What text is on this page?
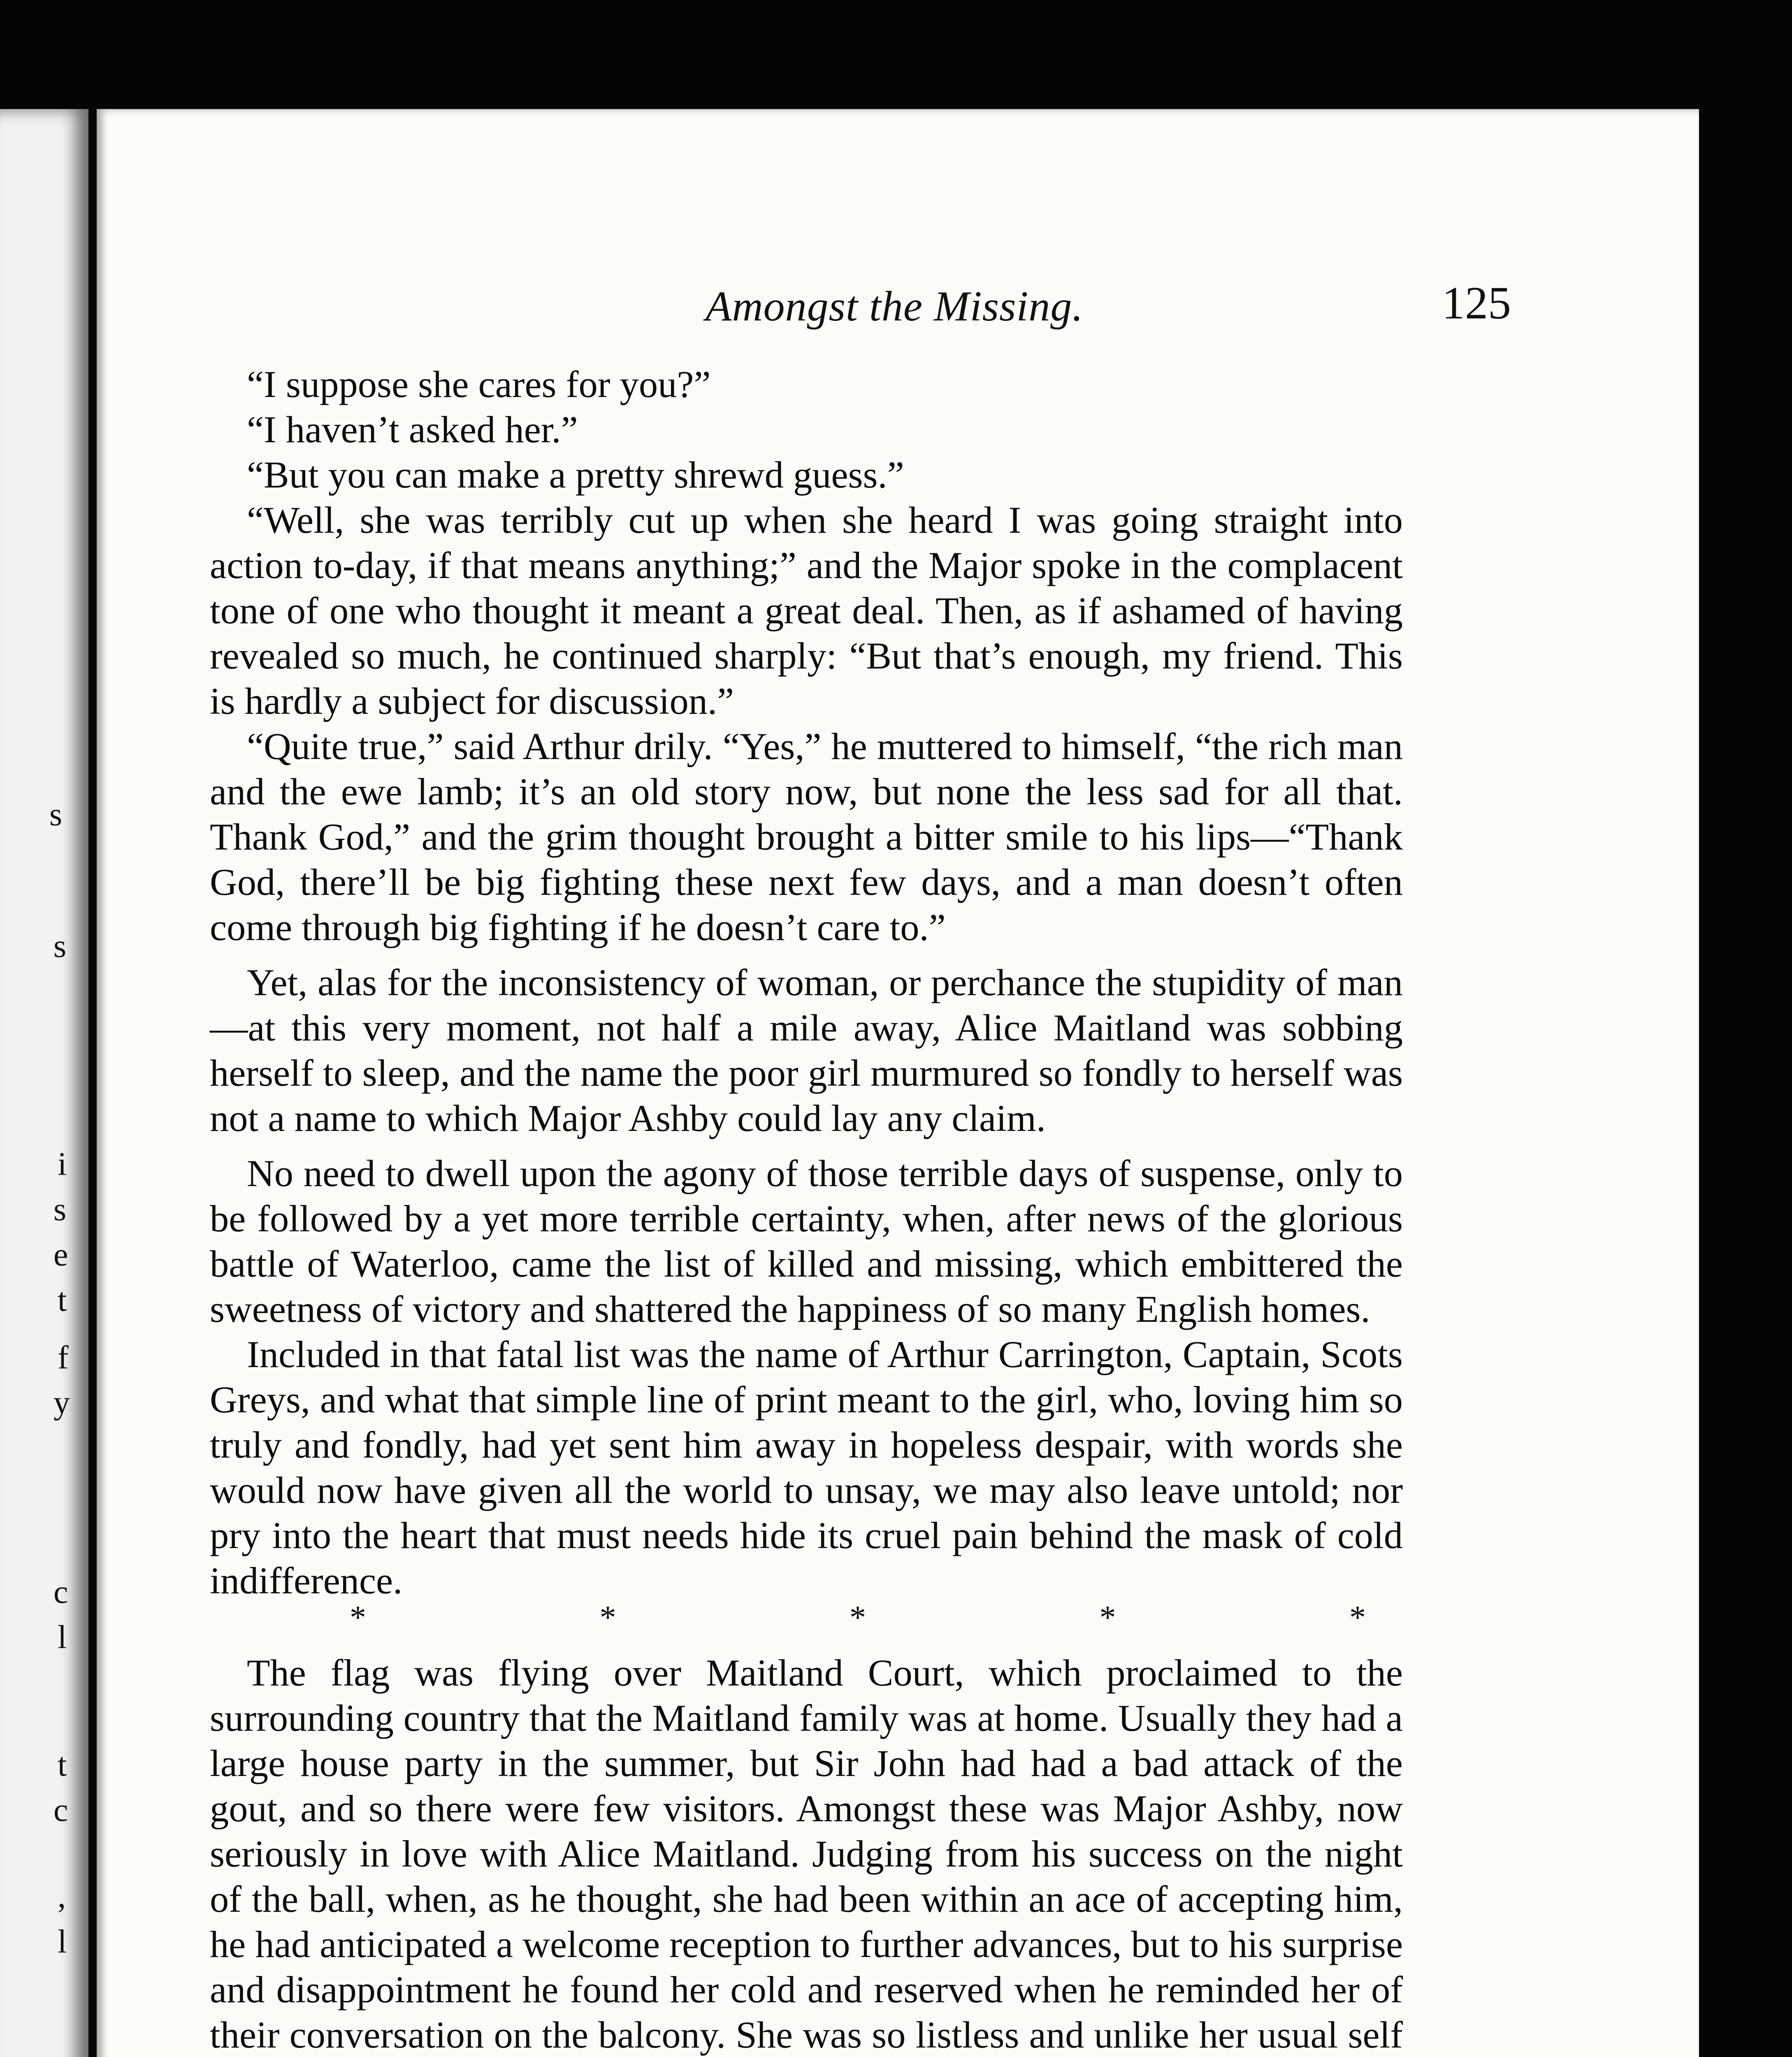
s
s
i
s
e
t
f
y
c
l
t
c
,
l
Amongst the Missing.	125

“I suppose she cares for you?”

“I haven’t asked her.”

“But you can make a pretty shrewd guess.”

“Well, she was terribly cut up when she heard I was going straight into action to-day, if that means anything;” and the Major spoke in the complacent tone of one who thought it meant a great deal. Then, as if ashamed of having revealed so much, he continued sharply: “But that’s enough, my friend. This is hardly a subject for discussion.”

“Quite true,” said Arthur drily. “Yes,” he muttered to himself, “the rich man and the ewe lamb; it’s an old story now, but none the less sad for all that. Thank God,” and the grim thought brought a bitter smile to his lips—“Thank God, there’ll be big fighting these next few days, and a man doesn’t often come through big fighting if he doesn’t care to.”

Yet, alas for the inconsistency of woman, or perchance the stupidity of man—at this very moment, not half a mile away, Alice Maitland was sobbing herself to sleep, and the name the poor girl murmured so fondly to herself was not a name to which Major Ashby could lay any claim.

No need to dwell upon the agony of those terrible days of suspense, only to be followed by a yet more terrible certainty, when, after news of the glorious battle of Waterloo, came the list of killed and missing, which embittered the sweetness of victory and shattered the happiness of so many English homes.

Included in that fatal list was the name of Arthur Carrington, Captain, Scots Greys, and what that simple line of print meant to the girl, who, loving him so truly and fondly, had yet sent him away in hopeless despair, with words she would now have given all the world to unsay, we may also leave untold; nor pry into the heart that must needs hide its cruel pain behind the mask of cold indifference.

*	*	*	*	*

The flag was flying over Maitland Court, which proclaimed to the surrounding country that the Maitland family was at home. Usually they had a large house party in the summer, but Sir John had had a bad attack of the gout, and so there were few visitors. Amongst these was Major Ashby, now seriously in love with Alice Maitland. Judging from his success on the night of the ball, when, as he thought, she had been within an ace of accepting him, he had anticipated a welcome reception to further advances, but to his surprise and disappointment he found her cold and reserved when he reminded her of their conversation on the balcony. She was so listless and unlike her usual self
